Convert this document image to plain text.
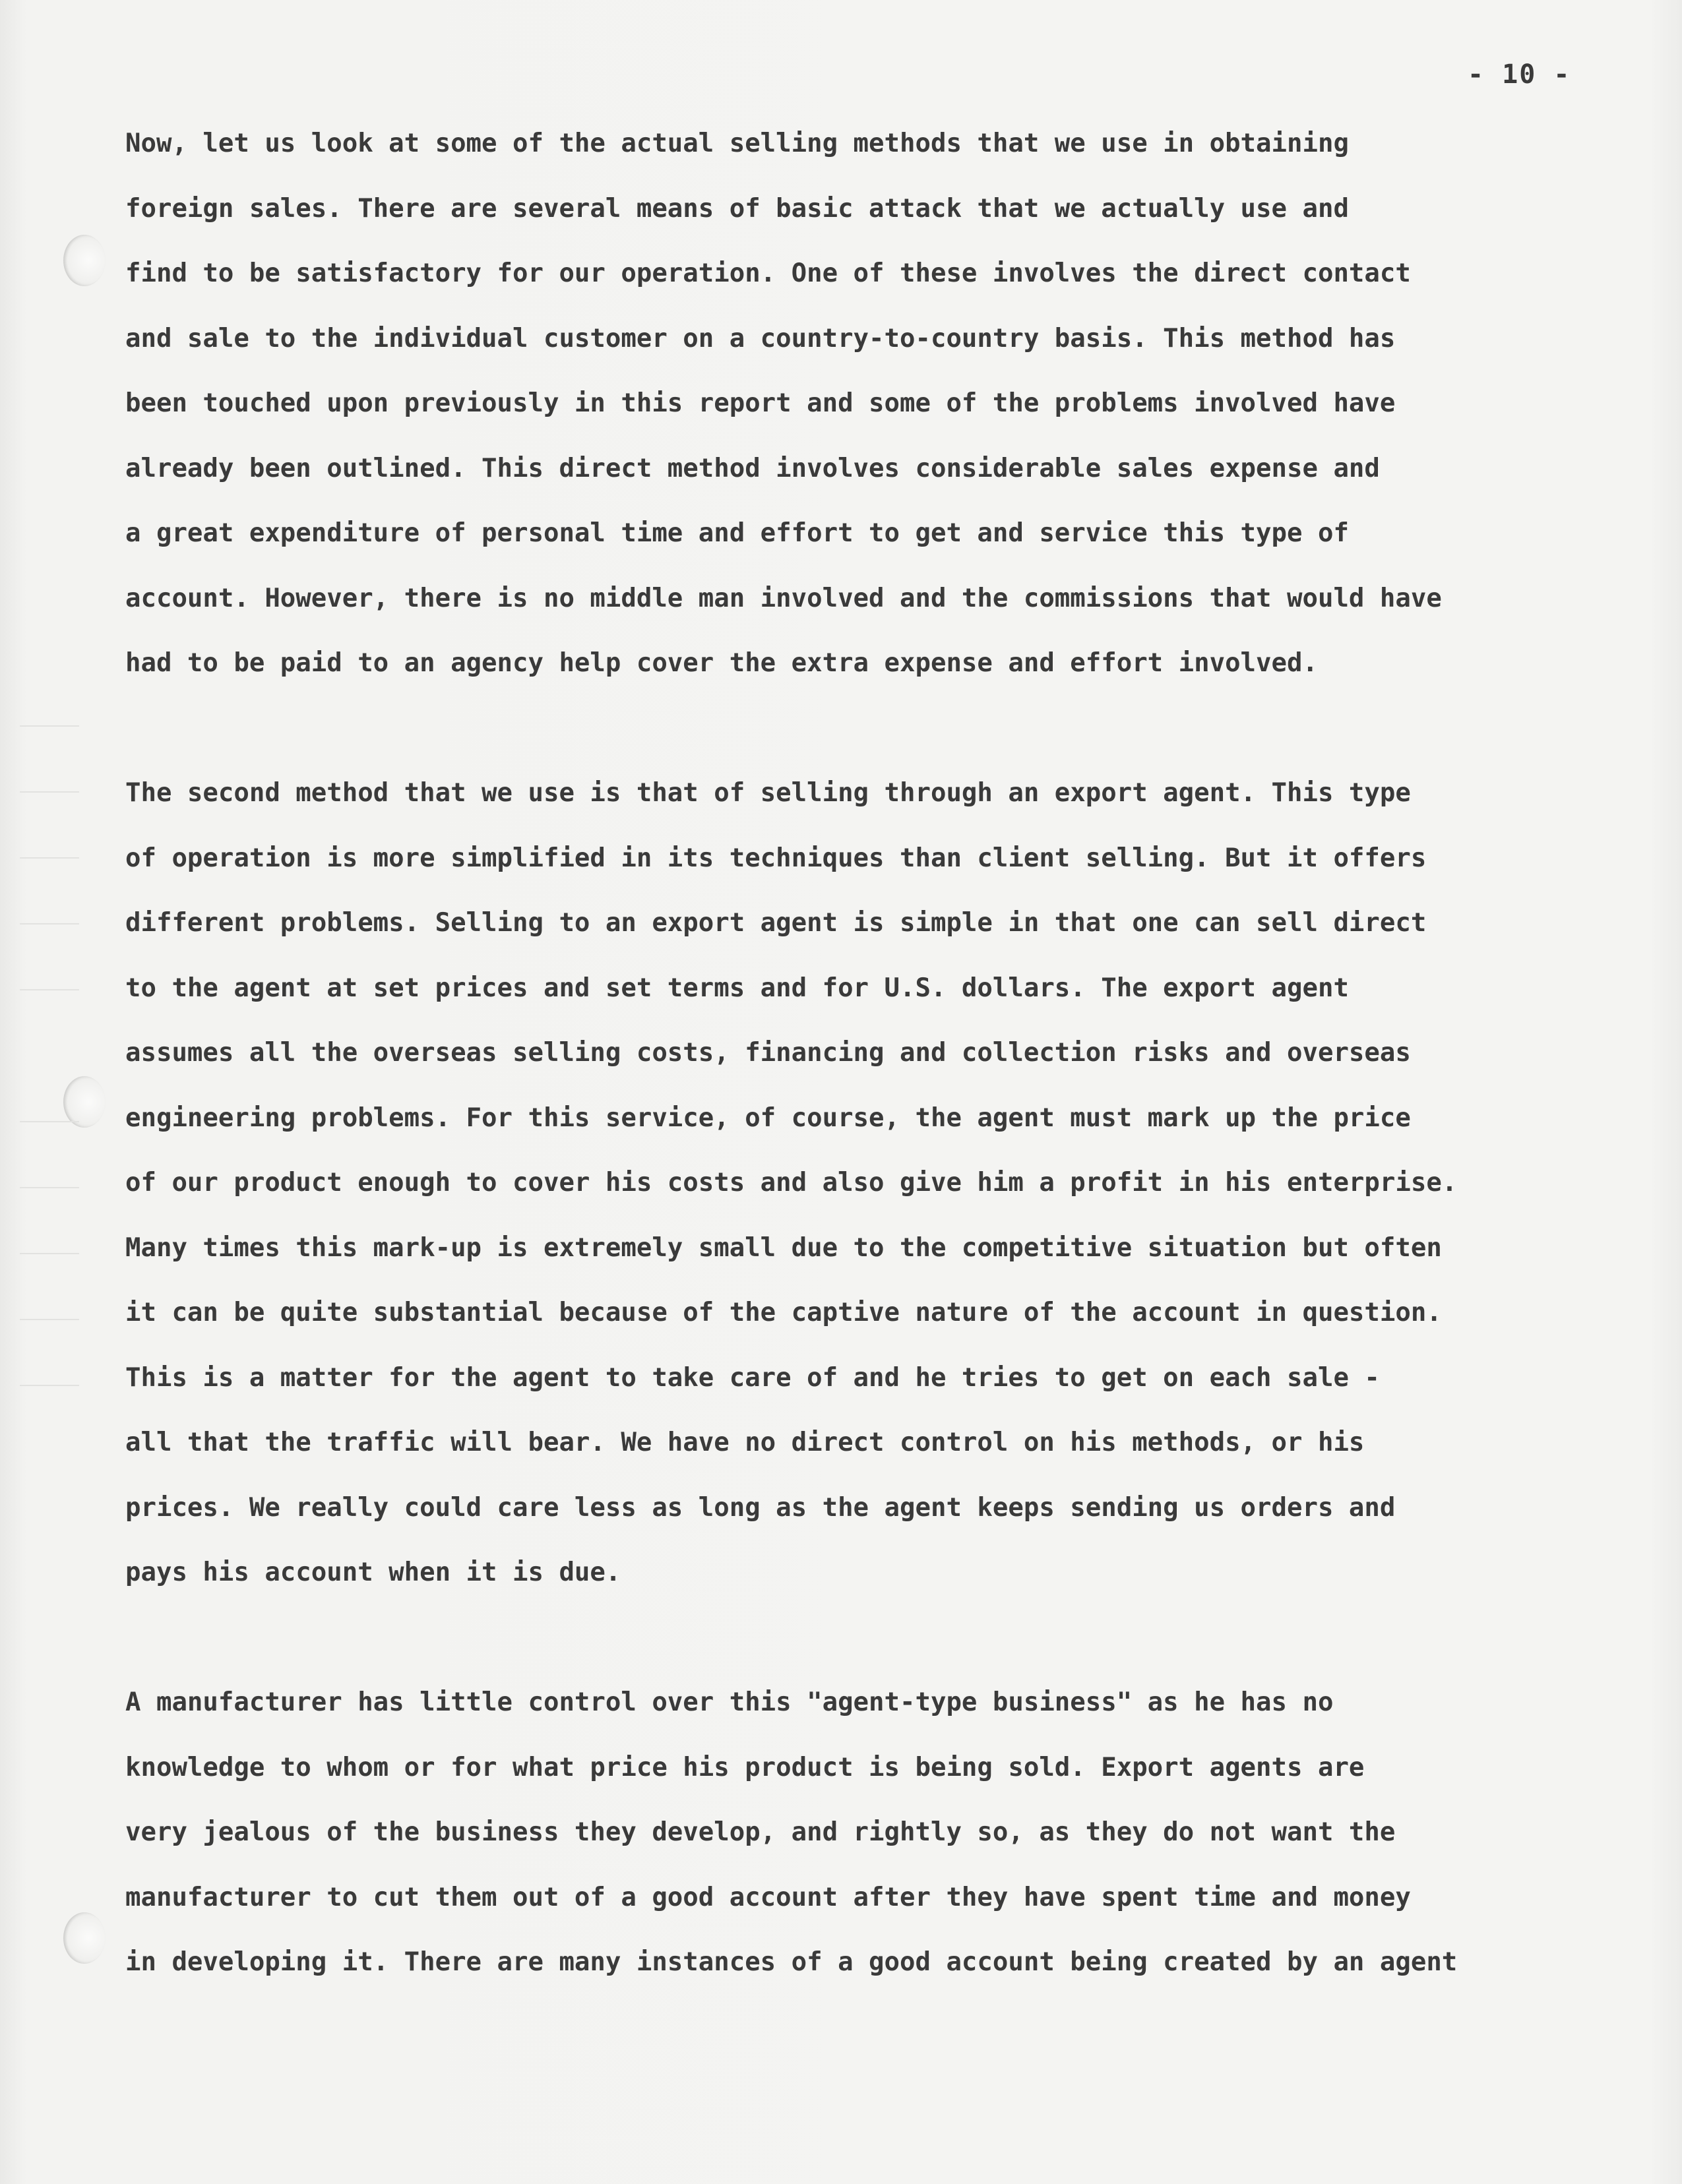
- 10 -
Now, let us look at some of the actual selling methods that we use in obtaining
foreign sales. There are several means of basic attack that we actually use and
find to be satisfactory for our operation. One of these involves the direct contact
and sale to the individual customer on a country-to-country basis. This method has
been touched upon previously in this report and some of the problems involved have
already been outlined. This direct method involves considerable sales expense and
a great expenditure of personal time and effort to get and service this type of
account. However, there is no middle man involved and the commissions that would have
had to be paid to an agency help cover the extra expense and effort involved.
The second method that we use is that of selling through an export agent. This type
of operation is more simplified in its techniques than client selling. But it offers
different problems. Selling to an export agent is simple in that one can sell direct
to the agent at set prices and set terms and for U.S. dollars. The export agent
assumes all the overseas selling costs, financing and collection risks and overseas
engineering problems. For this service, of course, the agent must mark up the price
of our product enough to cover his costs and also give him a profit in his enterprise.
Many times this mark-up is extremely small due to the competitive situation but often
it can be quite substantial because of the captive nature of the account in question.
This is a matter for the agent to take care of and he tries to get on each sale -
all that the traffic will bear. We have no direct control on his methods, or his
prices. We really could care less as long as the agent keeps sending us orders and
pays his account when it is due.
A manufacturer has little control over this "agent-type business" as he has no
knowledge to whom or for what price his product is being sold. Export agents are
very jealous of the business they develop, and rightly so, as they do not want the
manufacturer to cut them out of a good account after they have spent time and money
in developing it. There are many instances of a good account being created by an agent
